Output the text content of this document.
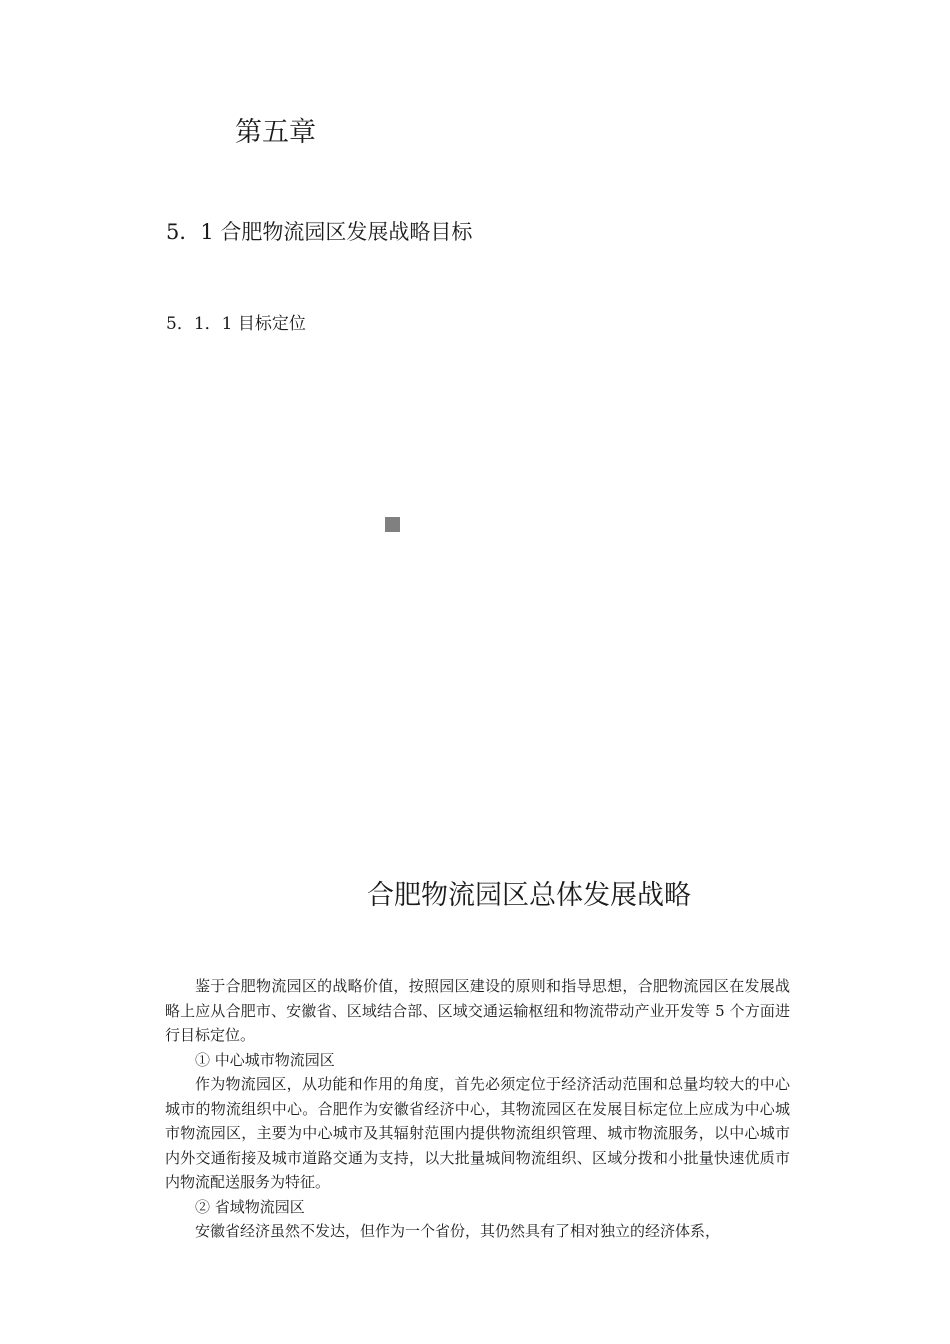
第五章
5．1 合肥物流园区发展战略目标
5．1．1 目标定位
合肥物流园区总体发展战略

鉴于合肥物流园区的战略价值，按照园区建设的原则和指导思想，合肥物流园区在发展战略上应从合肥市、安徽省、区域结合部、区域交通运输枢纽和物流带动产业开发等 5 个方面进行目标定位。

① 中心城市物流园区

作为物流园区，从功能和作用的角度，首先必须定位于经济活动范围和总量均较大的中心城市的物流组织中心。合肥作为安徽省经济中心，其物流园区在发展目标定位上应成为中心城市物流园区，主要为中心城市及其辐射范围内提供物流组织管理、城市物流服务，以中心城市内外交通衔接及城市道路交通为支持，以大批量城间物流组织、区域分拨和小批量快速优质市内物流配送服务为特征。

② 省域物流园区

安徽省经济虽然不发达，但作为一个省份，其仍然具有了相对独立的经济体系，
